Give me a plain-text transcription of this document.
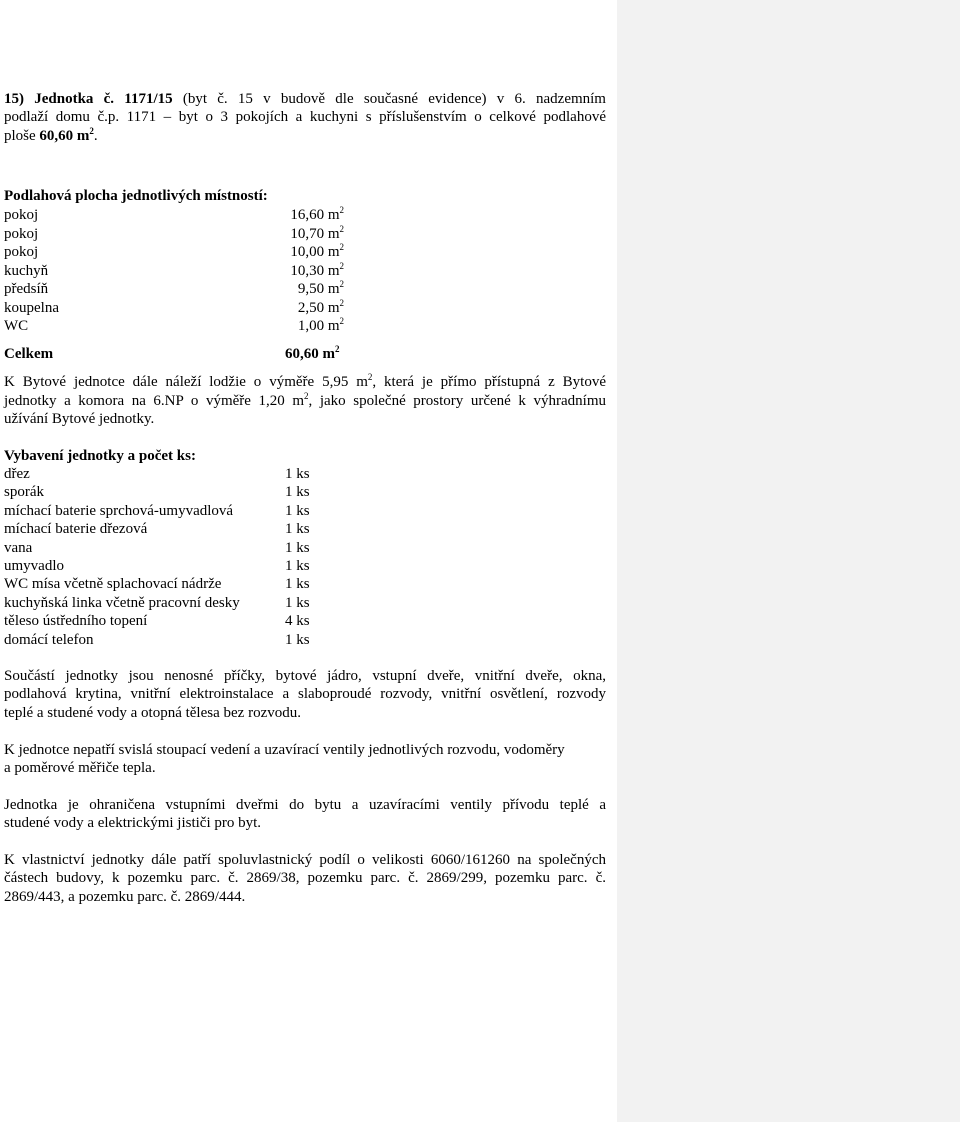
15) Jednotka č. 1171/15 (byt č. 15 v budově dle současné evidence) v 6. nadzemním
podlaží domu č.p. 1171 – byt o 3 pokojích a kuchyni s příslušenstvím o celkové podlahové
ploše 60,60 $m^2$.
Podlahová plocha jednotlivých místností:
pokoj	16,60 $m^2$
pokoj	10,70 $m^2$
pokoj	10,00 $m^2$
kuchyň	10,30 $m^2$
předsíň	9,50 $m^2$
koupelna	2,50 $m^2$
WC	1,00 $m^2$
Celkem	60,60 $m^2$
K Bytové jednotce dále náleží lodžie o výměře 5,95 $m^2$, která je přímo přístupná z Bytové
jednotky a komora na 6.NP o výměře 1,20 $m^2$, jako společné prostory určené k výhradnímu
užívání Bytové jednotky.
Vybavení jednotky a počet ks:
dřez	1 ks
sporák	1 ks
míchací baterie sprchová-umyvadlová	1 ks
míchací baterie dřezová	1 ks
vana	1 ks
umyvadlo	1 ks
WC mísa včetně splachovací nádrže	1 ks
kuchyňská linka včetně pracovní desky	1 ks
těleso ústředního topení	4 ks
domácí telefon	1 ks
Součástí jednotky jsou nenosné příčky, bytové jádro, vstupní dveře, vnitřní dveře, okna,
podlahová krytina, vnitřní elektroinstalace a slaboproudé rozvody, vnitřní osvětlení, rozvody
teplé a studené vody a otopná tělesa bez rozvodu.
K jednotce nepatří svislá stoupací vedení a uzavírací ventily jednotlivých rozvodu, vodoměry
a poměrové měřiče tepla.
Jednotka je ohraničena vstupními dveřmi do bytu a uzavíracími ventily přívodu teplé a
studené vody a elektrickými jističi pro byt.
K vlastnictví jednotky dále patří spoluvlastnický podíl o velikosti 6060/161260 na společných
částech budovy, k pozemku parc. č. 2869/38, pozemku parc. č. 2869/299, pozemku parc. č.
2869/443, a pozemku parc. č. 2869/444.
